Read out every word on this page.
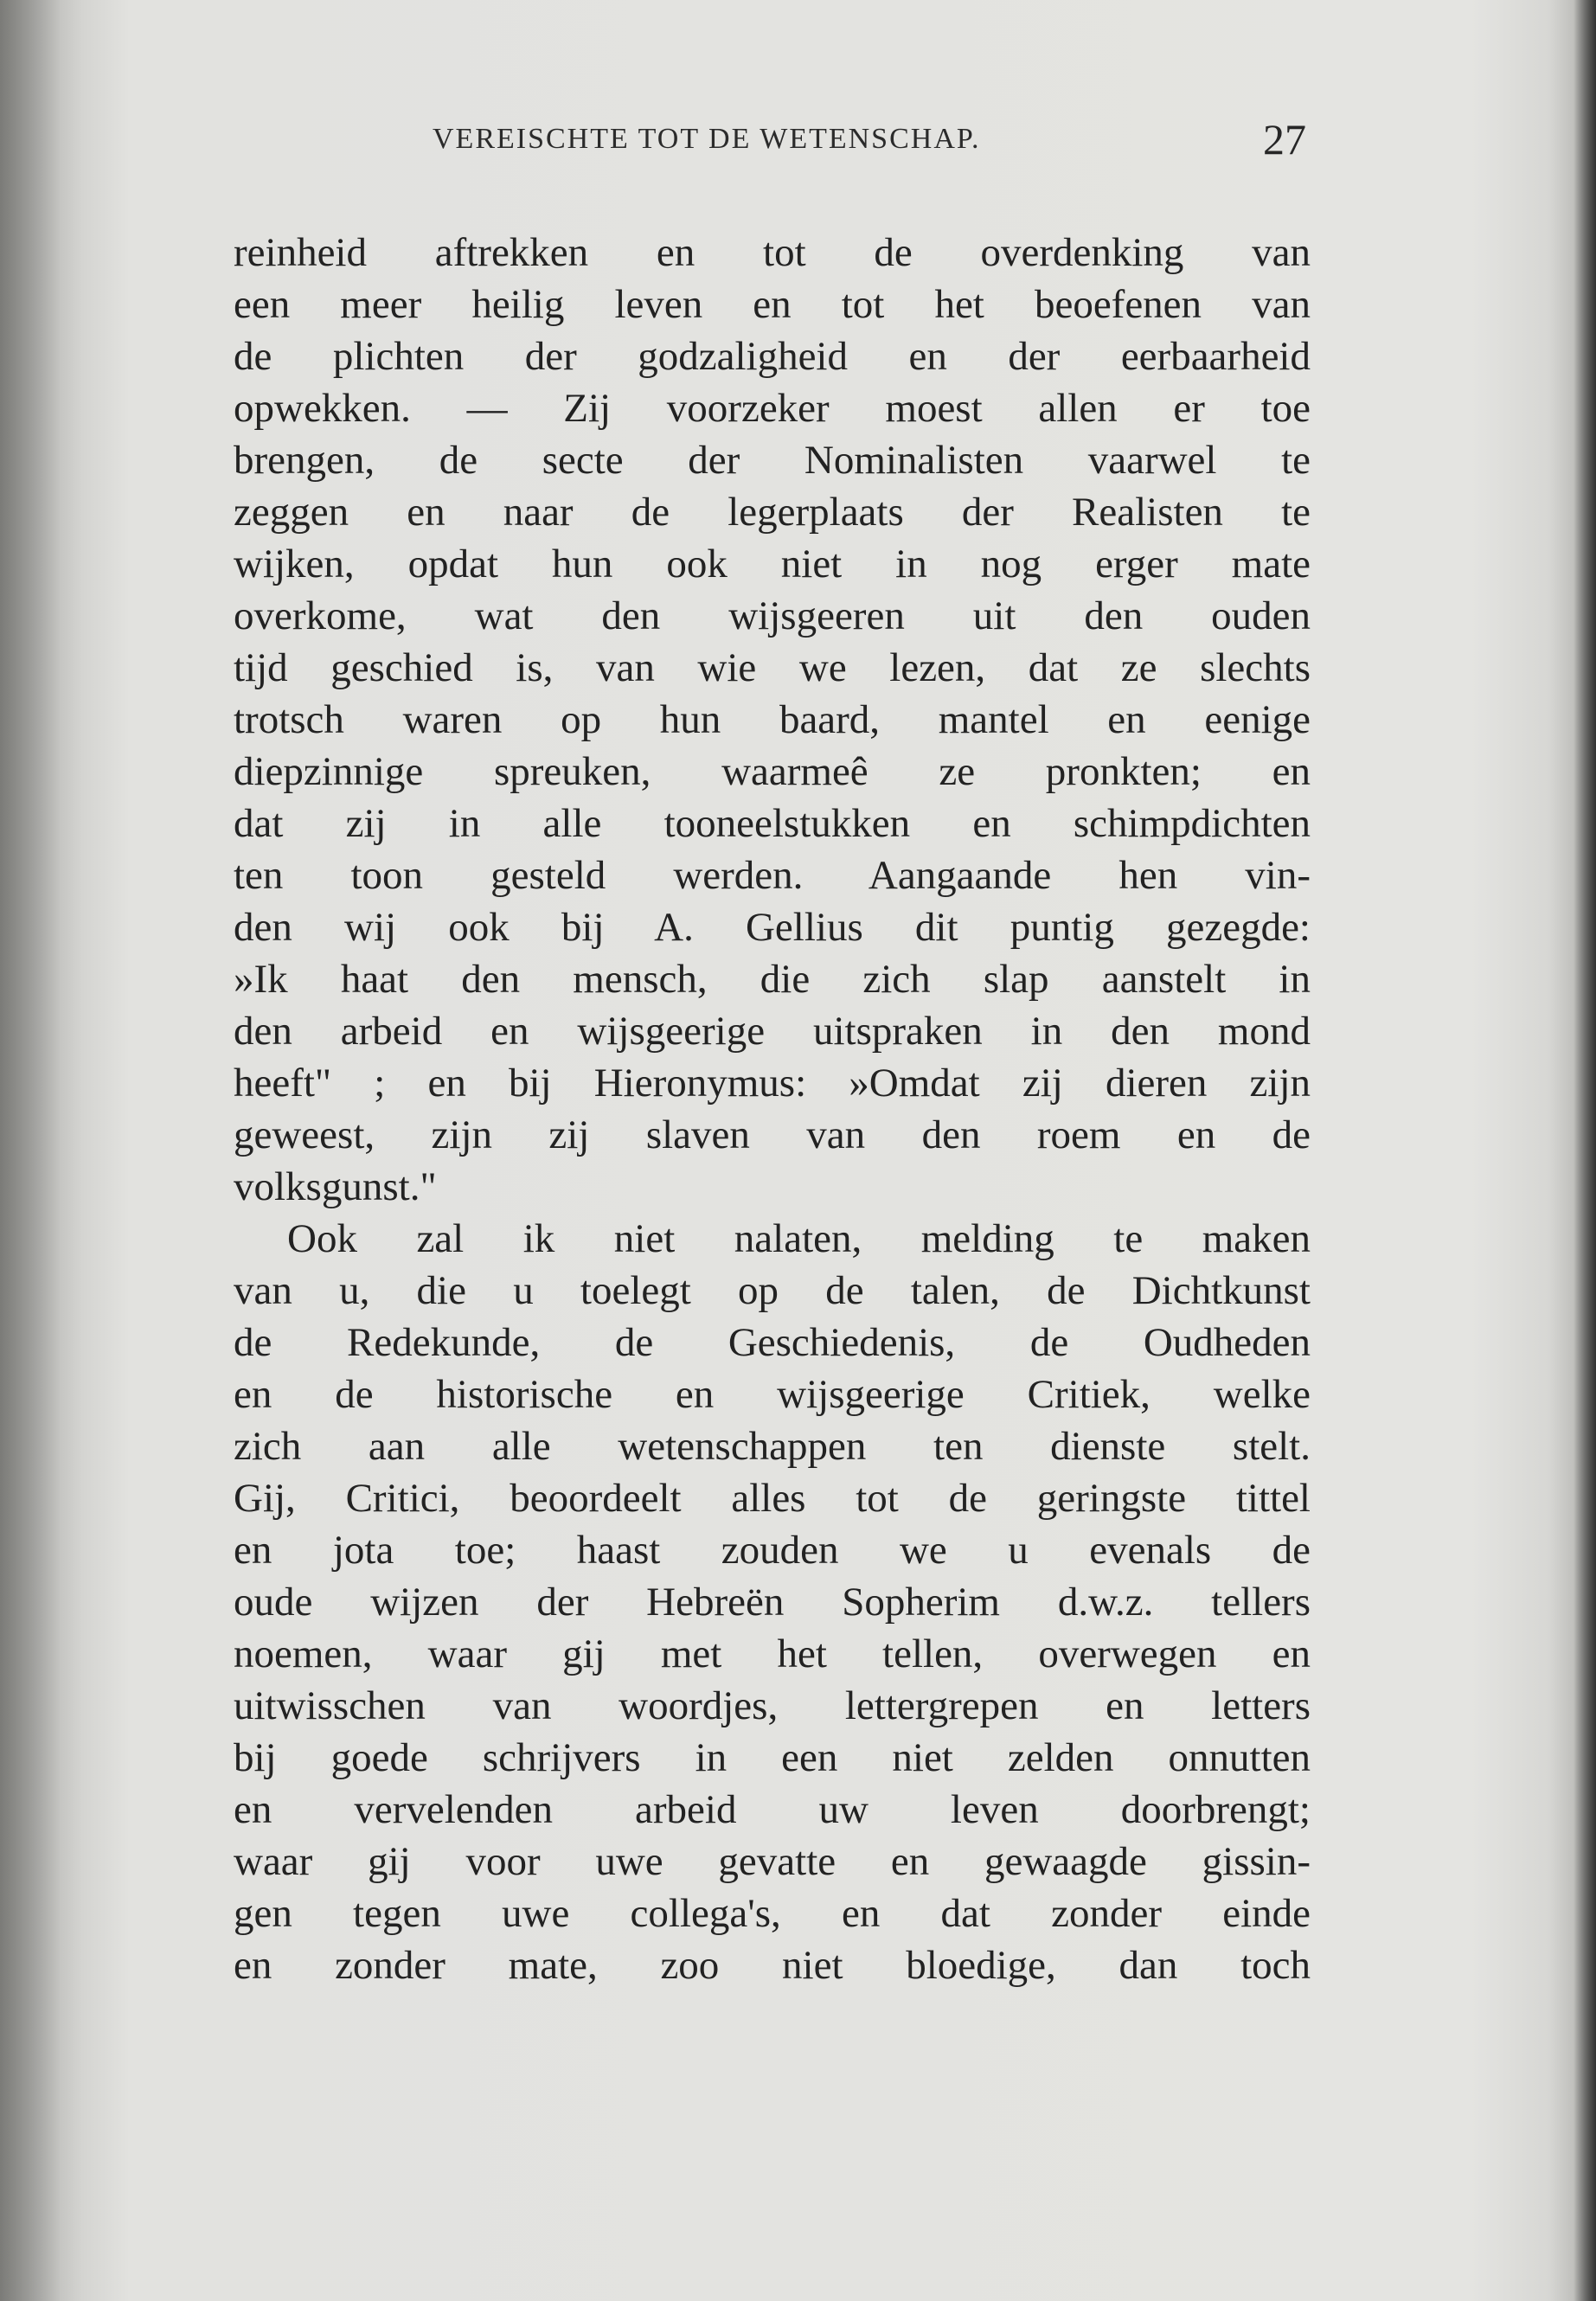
VEREISCHTE TOT DE WETENSCHAP.	27
reinheid aftrekken en tot de overdenking van
een meer heilig leven en tot het beoefenen van
de plichten der godzaligheid en der eerbaarheid
opwekken. — Zij voorzeker moest allen er toe
brengen, de secte der Nominalisten vaarwel te
zeggen en naar de legerplaats der Realisten te
wijken, opdat hun ook niet in nog erger mate
overkome, wat den wijsgeeren uit den ouden
tijd geschied is, van wie we lezen, dat ze slechts
trotsch waren op hun baard, mantel en eenige
diepzinnige spreuken, waarmeê ze pronkten; en
dat zij in alle tooneelstukken en schimpdichten
ten toon gesteld werden. Aangaande hen vin-
den wij ook bij A. Gellius dit puntig gezegde:
»Ik haat den mensch, die zich slap aanstelt in
den arbeid en wijsgeerige uitspraken in den mond
heeft" ; en bij Hieronymus: »Omdat zij dieren zijn
geweest, zijn zij slaven van den roem en de
volksgunst."
Ook zal ik niet nalaten, melding te maken
van u, die u toelegt op de talen, de Dichtkunst
de Redekunde, de Geschiedenis, de Oudheden
en de historische en wijsgeerige Critiek, welke
zich aan alle wetenschappen ten dienste stelt.
Gij, Critici, beoordeelt alles tot de geringste tittel
en jota toe; haast zouden we u evenals de
oude wijzen der Hebreën Sopherim d.w.z. tellers
noemen, waar gij met het tellen, overwegen en
uitwisschen van woordjes, lettergrepen en letters
bij goede schrijvers in een niet zelden onnutten
en vervelenden arbeid uw leven doorbrengt;
waar gij voor uwe gevatte en gewaagde gissin-
gen tegen uwe collega's, en dat zonder einde
en zonder mate, zoo niet bloedige, dan toch
